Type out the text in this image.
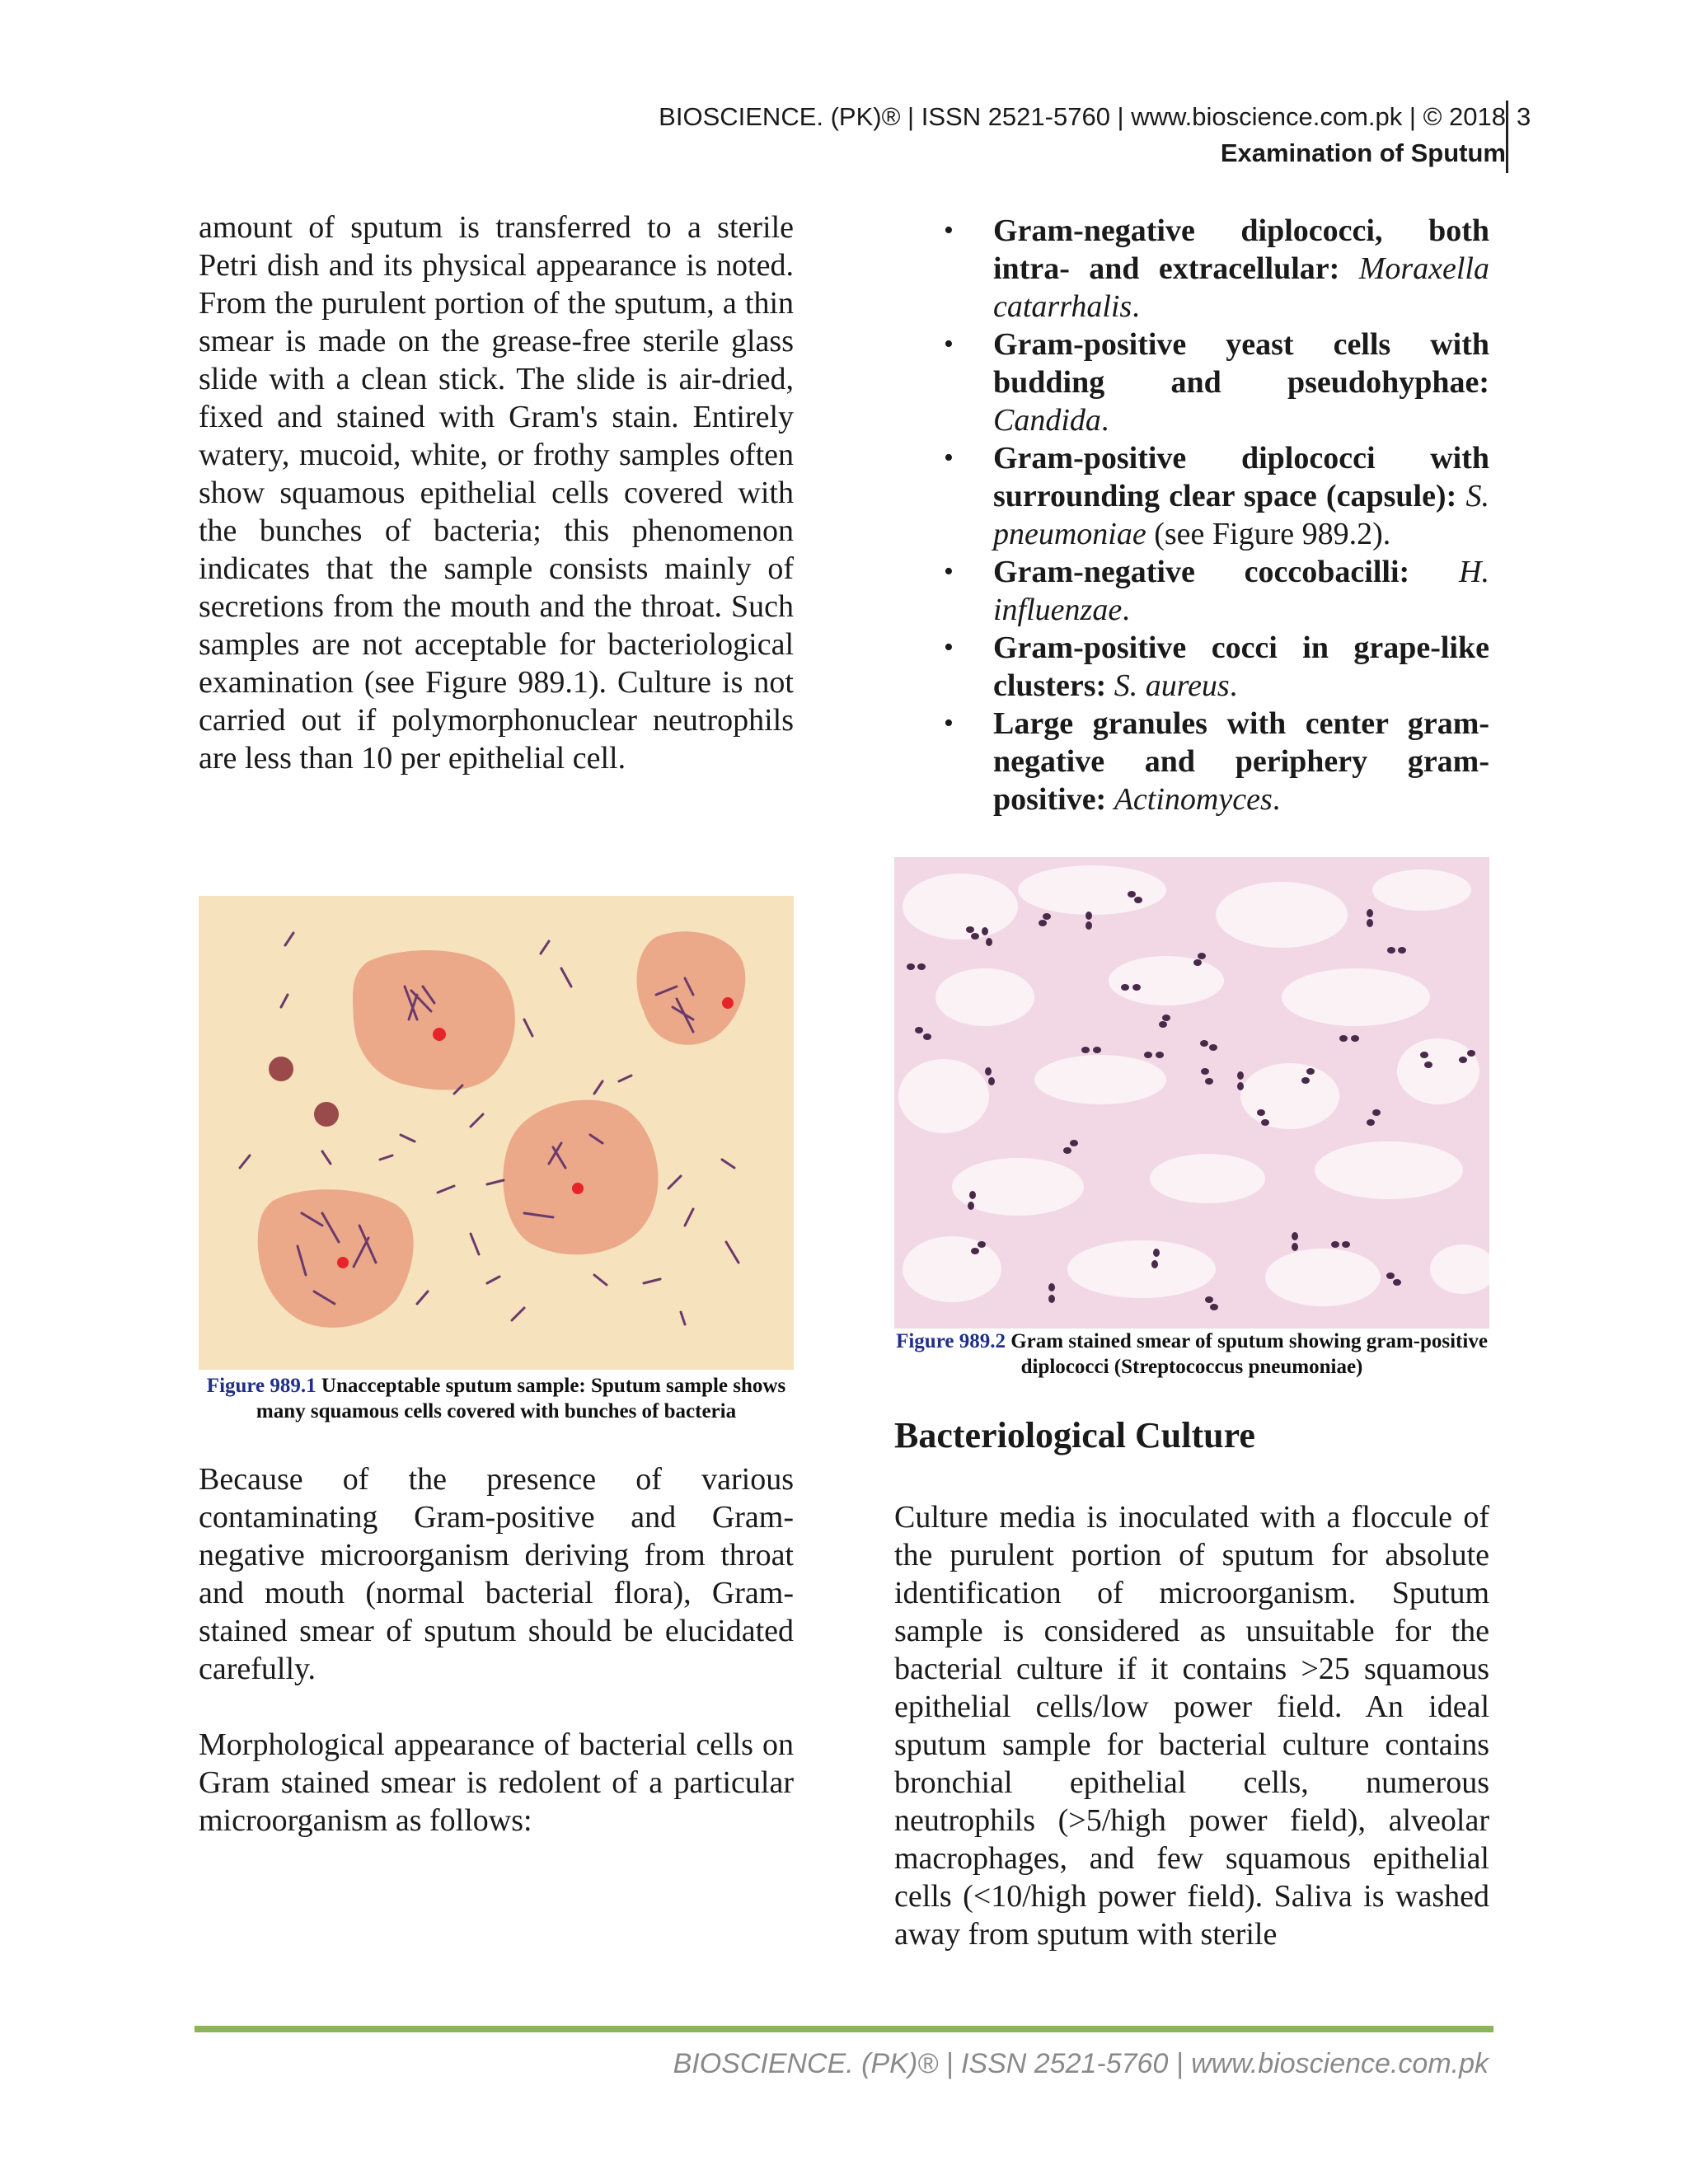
BIOSCIENCE. (PK)® | ISSN 2521-5760 | www.bioscience.com.pk | © 2018
Examination of Sputum
3

amount of sputum is transferred to a sterile Petri dish and its physical appearance is noted. From the purulent portion of the sputum, a thin smear is made on the grease-free sterile glass slide with a clean stick. The slide is air-dried, fixed and stained with Gram's stain. Entirely watery, mucoid, white, or frothy samples often show squamous epithelial cells covered with the bunches of bacteria; this phenomenon indicates that the sample consists mainly of secretions from the mouth and the throat. Such samples are not acceptable for bacteriological examination (see Figure 989.1). Culture is not carried out if polymorphonuclear neutrophils are less than 10 per epithelial cell.

Figure 989.1 Unacceptable sputum sample: Sputum sample shows many squamous cells covered with bunches of bacteria

Because of the presence of various contaminating Gram-positive and Gram-negative microorganism deriving from throat and mouth (normal bacterial flora), Gram-stained smear of sputum should be elucidated carefully.

Morphological appearance of bacterial cells on Gram stained smear is redolent of a particular microorganism as follows:

• Gram-negative diplococci, both intra- and extracellular: Moraxella catarrhalis.
• Gram-positive yeast cells with budding and pseudohyphae: Candida.
• Gram-positive diplococci with surrounding clear space (capsule): S. pneumoniae (see Figure 989.2).
• Gram-negative coccobacilli: H. influenzae.
• Gram-positive cocci in grape-like clusters: S. aureus.
• Large granules with center gram-negative and periphery gram-positive: Actinomyces.
Figure 989.2 Gram stained smear of sputum showing gram-positive diplococci (Streptococcus pneumoniae)
Bacteriological Culture

Culture media is inoculated with a floccule of the purulent portion of sputum for absolute identification of microorganism. Sputum sample is considered as unsuitable for the bacterial culture if it contains >25 squamous epithelial cells/low power field. An ideal sputum sample for bacterial culture contains bronchial epithelial cells, numerous neutrophils (>5/high power field), alveolar macrophages, and few squamous epithelial cells (<10/high power field). Saliva is washed away from sputum with sterile

BIOSCIENCE. (PK)® | ISSN 2521-5760 | www.bioscience.com.pk
